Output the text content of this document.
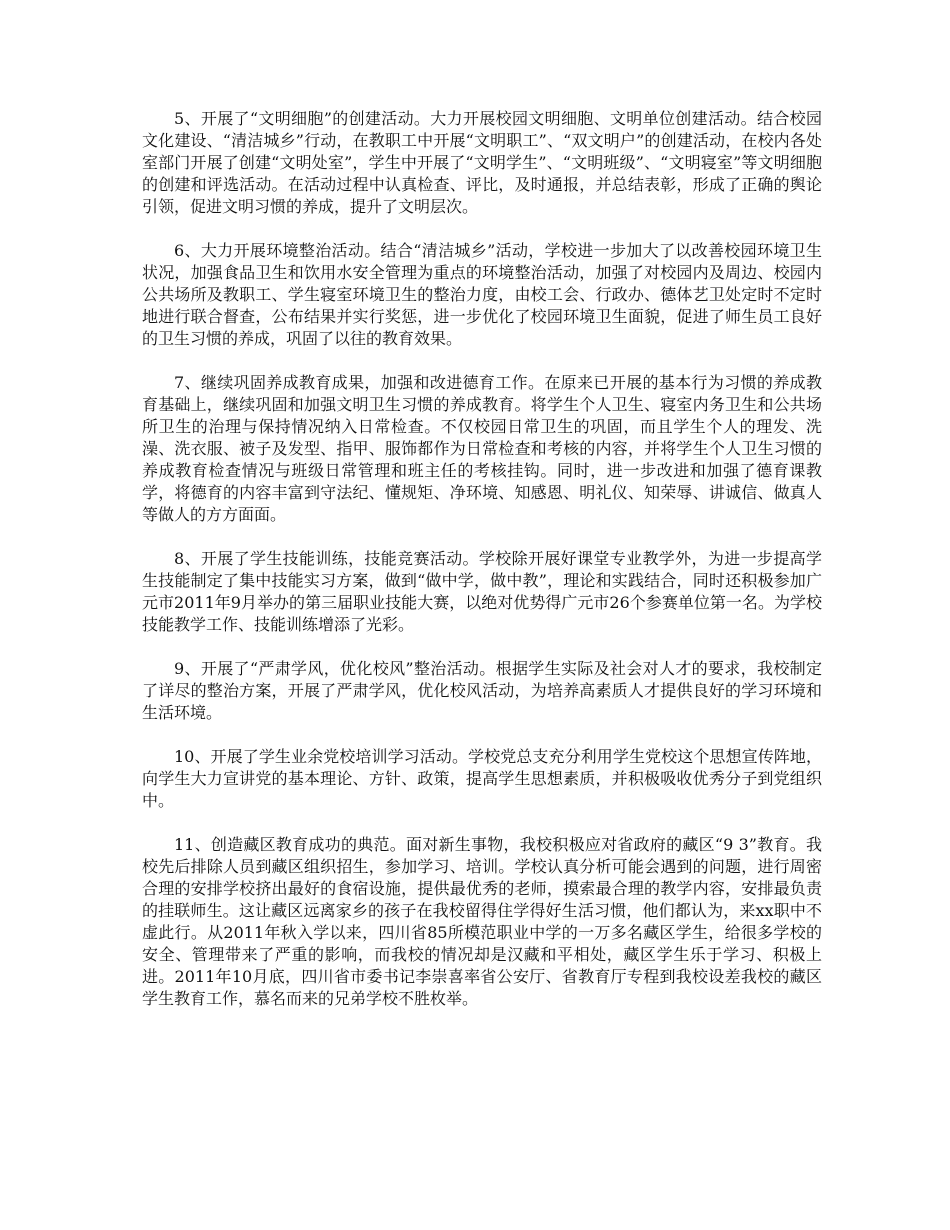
5、开展了“文明细胞”的创建活动。大力开展校园文明细胞、文明单位创建活动。结合校园文化建设、“清洁城乡”行动，在教职工中开展“文明职工”、“双文明户”的创建活动，在校内各处室部门开展了创建“文明处室”，学生中开展了“文明学生”、“文明班级”、“文明寝室”等文明细胞的创建和评选活动。在活动过程中认真检查、评比，及时通报，并总结表彰，形成了正确的舆论引领，促进文明习惯的养成，提升了文明层次。

6、大力开展环境整治活动。结合“清洁城乡”活动，学校进一步加大了以改善校园环境卫生状况，加强食品卫生和饮用水安全管理为重点的环境整治活动，加强了对校园内及周边、校园内公共场所及教职工、学生寝室环境卫生的整治力度，由校工会、行政办、德体艺卫处定时不定时地进行联合督查，公布结果并实行奖惩，进一步优化了校园环境卫生面貌，促进了师生员工良好的卫生习惯的养成，巩固了以往的教育效果。

7、继续巩固养成教育成果，加强和改进德育工作。在原来已开展的基本行为习惯的养成教育基础上，继续巩固和加强文明卫生习惯的养成教育。将学生个人卫生、寝室内务卫生和公共场所卫生的治理与保持情况纳入日常检查。不仅校园日常卫生的巩固，而且学生个人的理发、洗澡、洗衣服、被子及发型、指甲、服饰都作为日常检查和考核的内容，并将学生个人卫生习惯的养成教育检查情况与班级日常管理和班主任的考核挂钩。同时，进一步改进和加强了德育课教学，将德育的内容丰富到守法纪、懂规矩、净环境、知感恩、明礼仪、知荣辱、讲诚信、做真人等做人的方方面面。

8、开展了学生技能训练，技能竞赛活动。学校除开展好课堂专业教学外，为进一步提高学生技能制定了集中技能实习方案，做到“做中学，做中教”，理论和实践结合，同时还积极参加广元市2011年9月举办的第三届职业技能大赛，以绝对优势得广元市26个参赛单位第一名。为学校技能教学工作、技能训练增添了光彩。

9、开展了“严肃学风，优化校风”整治活动。根据学生实际及社会对人才的要求，我校制定了详尽的整治方案，开展了严肃学风，优化校风活动，为培养高素质人才提供良好的学习环境和生活环境。

10、开展了学生业余党校培训学习活动。学校党总支充分利用学生党校这个思想宣传阵地，向学生大力宣讲党的基本理论、方针、政策，提高学生思想素质，并积极吸收优秀分子到党组织中。

11、创造藏区教育成功的典范。面对新生事物，我校积极应对省政府的藏区“9 3”教育。我校先后排除人员到藏区组织招生，参加学习、培训。学校认真分析可能会遇到的问题，进行周密合理的安排学校挤出最好的食宿设施，提供最优秀的老师，摸索最合理的教学内容，安排最负责的挂联师生。这让藏区远离家乡的孩子在我校留得住学得好生活习惯，他们都认为，来xx职中不虚此行。从2011年秋入学以来，四川省85所模范职业中学的一万多名藏区学生，给很多学校的安全、管理带来了严重的影响，而我校的情况却是汉藏和平相处，藏区学生乐于学习、积极上进。2011年10月底，四川省市委书记李崇喜率省公安厅、省教育厅专程到我校设差我校的藏区学生教育工作，慕名而来的兄弟学校不胜枚举。
